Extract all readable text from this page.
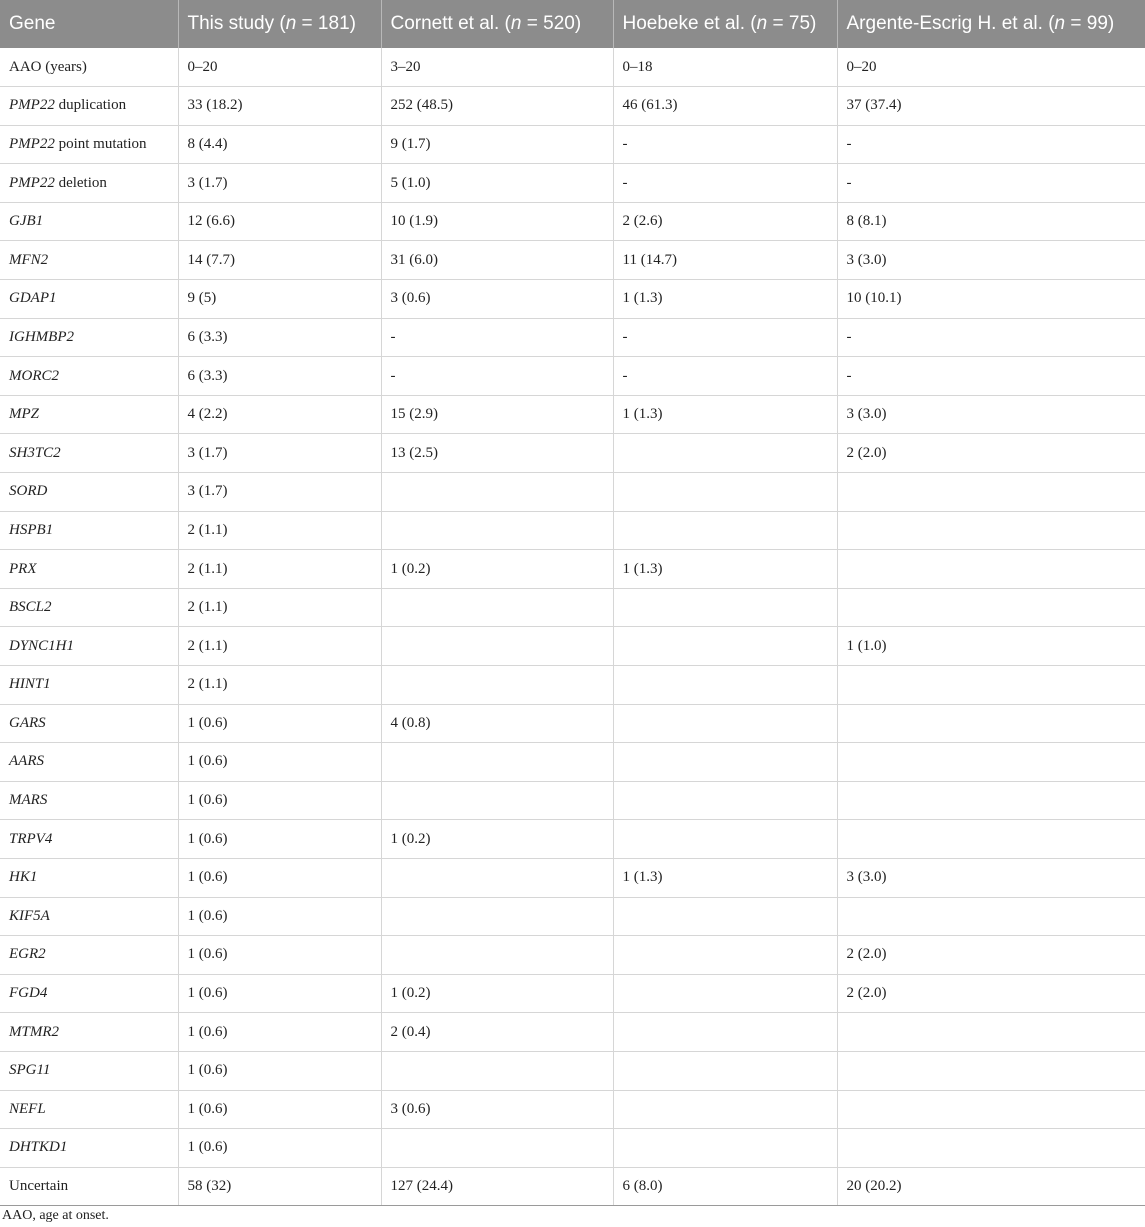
Gene	This study (n = 181)	Cornett et al. (n = 520)	Hoebeke et al. (n = 75)	Argente-Escrig H. et al. (n = 99)
AAO (years)	0–20	3–20	0–18	0–20
PMP22 duplication	33 (18.2)	252 (48.5)	46 (61.3)	37 (37.4)
PMP22 point mutation	8 (4.4)	9 (1.7)	-	-
PMP22 deletion	3 (1.7)	5 (1.0)	-	-
GJB1	12 (6.6)	10 (1.9)	2 (2.6)	8 (8.1)
MFN2	14 (7.7)	31 (6.0)	11 (14.7)	3 (3.0)
GDAP1	9 (5)	3 (0.6)	1 (1.3)	10 (10.1)
IGHMBP2	6 (3.3)	-	-	-
MORC2	6 (3.3)	-	-	-
MPZ	4 (2.2)	15 (2.9)	1 (1.3)	3 (3.0)
SH3TC2	3 (1.7)	13 (2.5)		2 (2.0)
SORD	3 (1.7)			
HSPB1	2 (1.1)			
PRX	2 (1.1)	1 (0.2)	1 (1.3)	
BSCL2	2 (1.1)			
DYNC1H1	2 (1.1)			1 (1.0)
HINT1	2 (1.1)			
GARS	1 (0.6)	4 (0.8)		
AARS	1 (0.6)			
MARS	1 (0.6)			
TRPV4	1 (0.6)	1 (0.2)		
HK1	1 (0.6)		1 (1.3)	3 (3.0)
KIF5A	1 (0.6)			
EGR2	1 (0.6)			2 (2.0)
FGD4	1 (0.6)	1 (0.2)		2 (2.0)
MTMR2	1 (0.6)	2 (0.4)		
SPG11	1 (0.6)			
NEFL	1 (0.6)	3 (0.6)		
DHTKD1	1 (0.6)			
Uncertain	58 (32)	127 (24.4)	6 (8.0)	20 (20.2)
AAO, age at onset.
